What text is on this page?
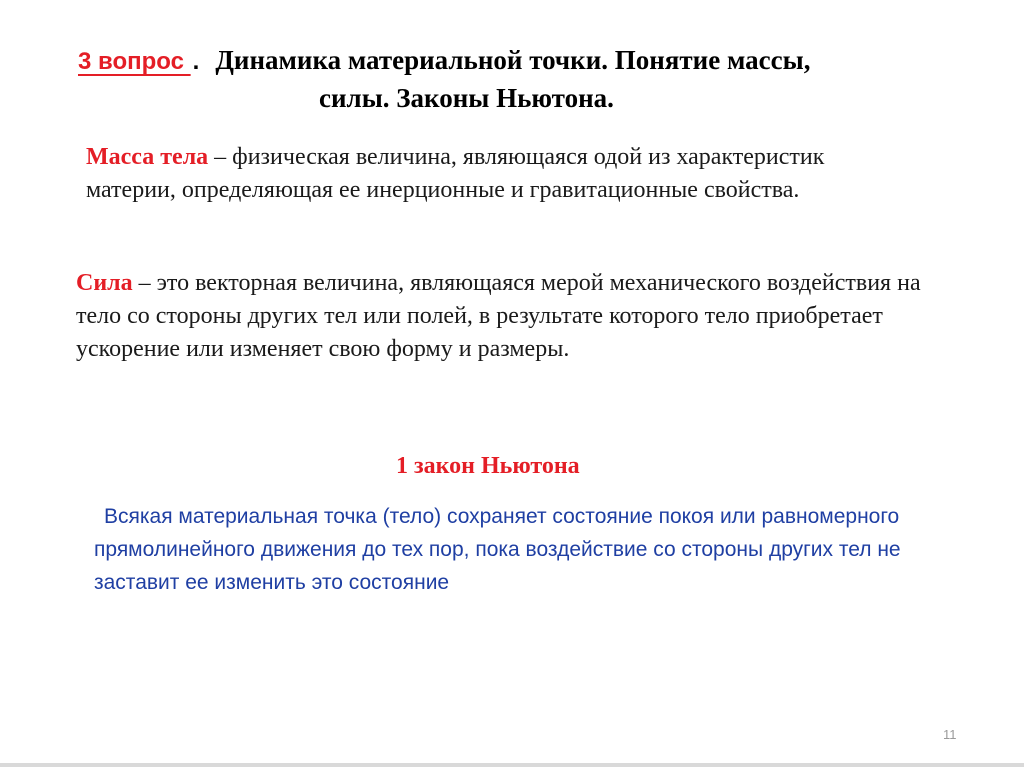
3 вопрос . Динамика материальной точки. Понятие массы,
силы. Законы Ньютона.
Масса тела – физическая величина, являющаяся одой из характеристик материи, определяющая ее инерционные и гравитационные свойства.
Сила – это векторная величина, являющаяся мерой механического воздействия на тело со стороны других тел или полей, в результате которого тело приобретает ускорение или изменяет свою форму и размеры.
1 закон Ньютона
Всякая материальная точка (тело) сохраняет состояние покоя или равномерного прямолинейного движения до тех пор, пока воздействие со стороны других тел не заставит ее изменить это состояние
11
